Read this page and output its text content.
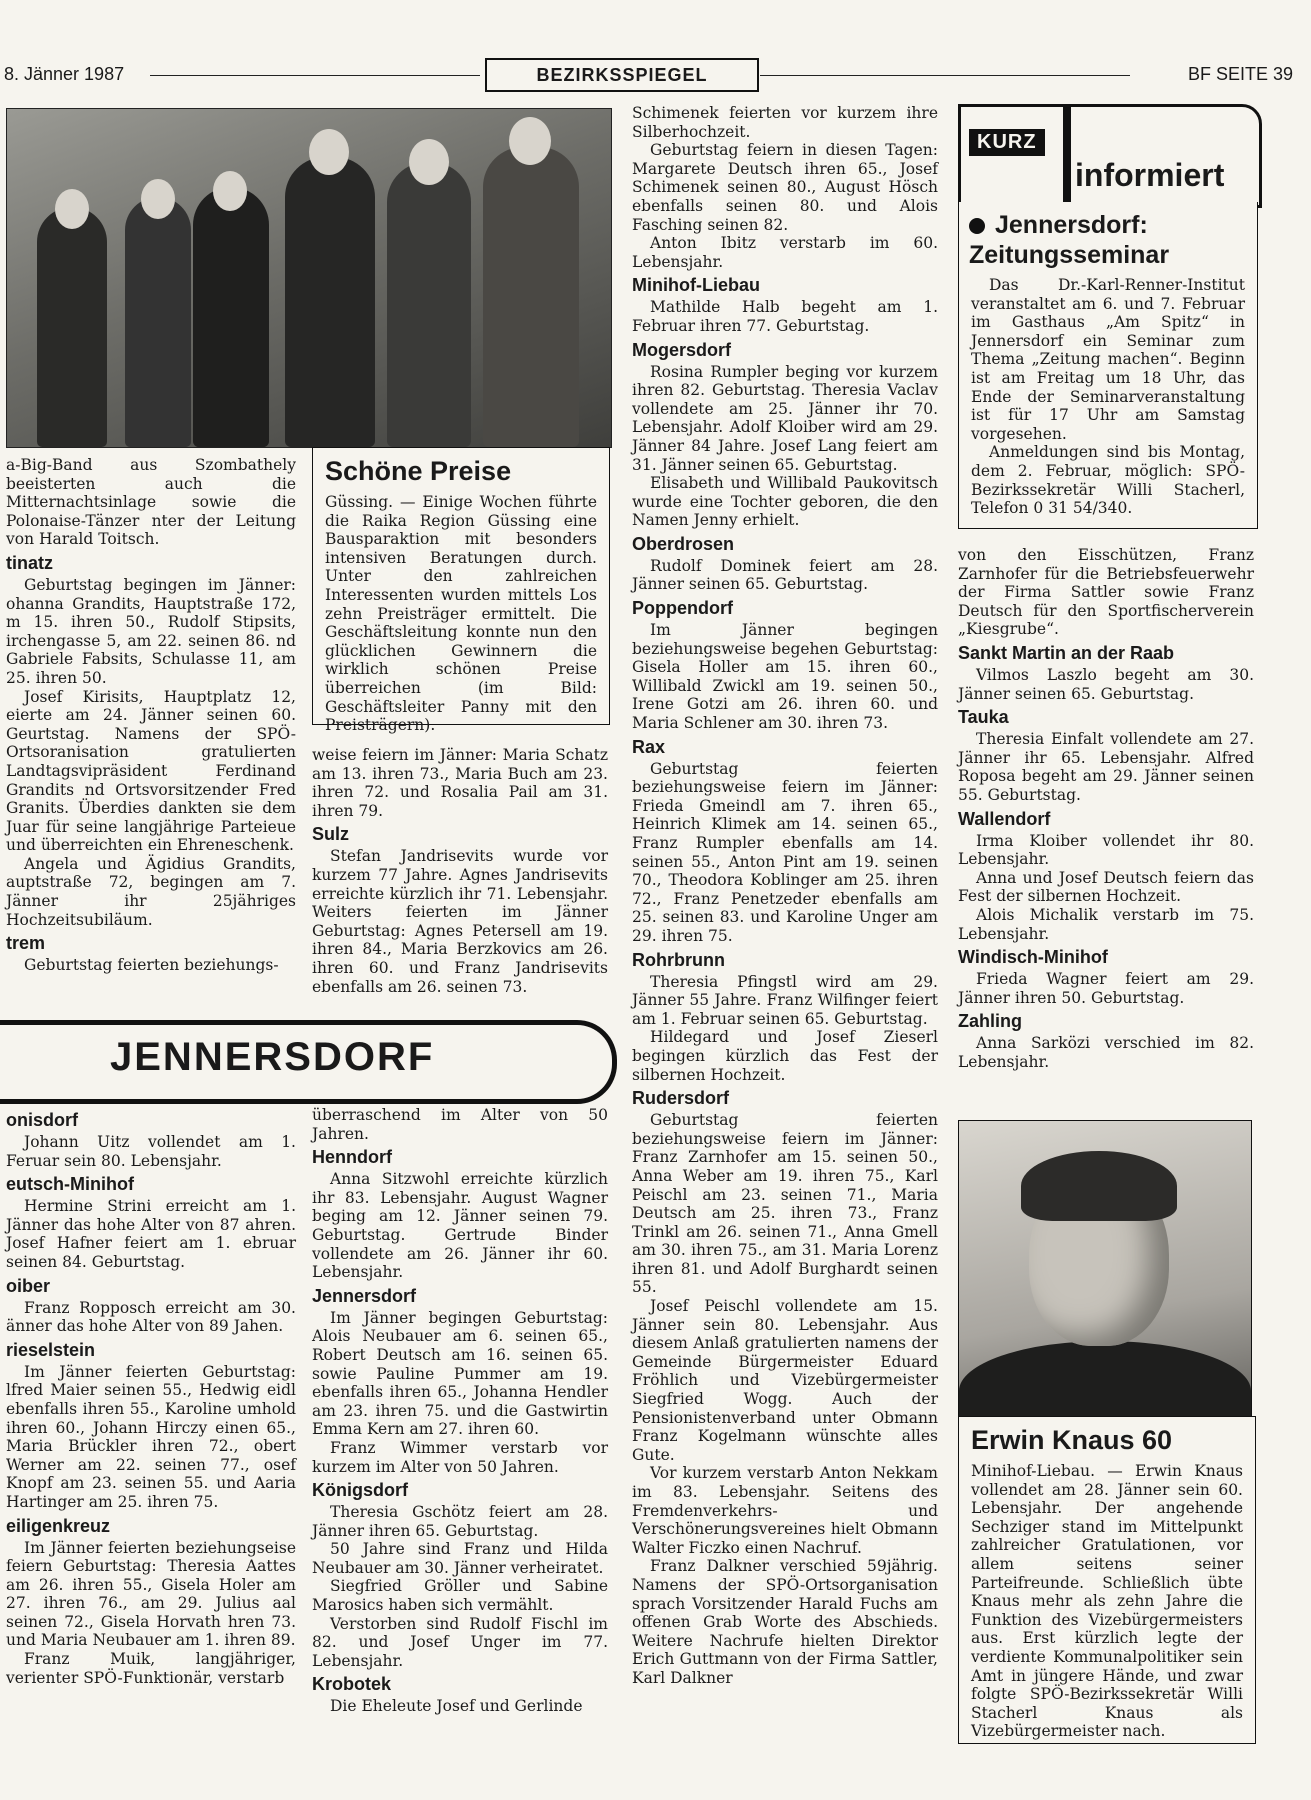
8. Jänner 1987	BEZIRKSSPIEGEL	BF SEITE 39

a-Big-Band aus Szombathely beeisterten auch die Mitternachtsinlage sowie die Polonaise-Tänzer nter der Leitung von Harald Toitsch.

tinatz

Geburtstag begingen im Jänner: ohanna Grandits, Hauptstraße 172, m 15. ihren 50., Rudolf Stipsits, irchengasse 5, am 22. seinen 86. nd Gabriele Fabsits, Schulasse 11, am 25. ihren 50.

Josef Kirisits, Hauptplatz 12, eierte am 24. Jänner seinen 60. Geurtstag. Namens der SPÖ-Ortsoranisation gratulierten Landtagsvipräsident Ferdinand Grandits nd Ortsvorsitzender Fred Granits. Überdies dankten sie dem Juar für seine langjährige Parteieue und überreichten ein Ehreneschenk.

Angela und Ägidius Grandits, auptstraße 72, begingen am 7. Jänner ihr 25jähriges Hochzeitsubiläum.

trem

Geburtstag feierten beziehungs-

Schöne Preise
Güssing. — Einige Wochen führte die Raika Region Güssing eine Bausparaktion mit besonders intensiven Beratungen durch. Unter den zahlreichen Interessenten wurden mittels Los zehn Preisträger ermittelt. Die Geschäftsleitung konnte nun den glücklichen Gewinnern die wirklich schönen Preise überreichen (im Bild: Geschäftsleiter Panny mit den Preisträgern).

weise feiern im Jänner: Maria Schatz am 13. ihren 73., Maria Buch am 23. ihren 72. und Rosalia Pail am 31. ihren 79.

Sulz

Stefan Jandrisevits wurde vor kurzem 77 Jahre. Agnes Jandrisevits erreichte kürzlich ihr 71. Lebensjahr. Weiters feierten im Jänner Geburtstag: Agnes Petersell am 19. ihren 84., Maria Berzkovics am 26. ihren 60. und Franz Jandrisevits ebenfalls am 26. seinen 73.

Schimenek feierten vor kurzem ihre Silberhochzeit.

Geburtstag feiern in diesen Tagen: Margarete Deutsch ihren 65., Josef Schimenek seinen 80., August Hösch ebenfalls seinen 80. und Alois Fasching seinen 82.

Anton Ibitz verstarb im 60. Lebensjahr.

Minihof-Liebau

Mathilde Halb begeht am 1. Februar ihren 77. Geburtstag.

Mogersdorf

Rosina Rumpler beging vor kurzem ihren 82. Geburtstag. Theresia Vaclav vollendete am 25. Jänner ihr 70. Lebensjahr. Adolf Kloiber wird am 29. Jänner 84 Jahre. Josef Lang feiert am 31. Jänner seinen 65. Geburtstag.

Elisabeth und Willibald Paukovitsch wurde eine Tochter geboren, die den Namen Jenny erhielt.

Oberdrosen

Rudolf Dominek feiert am 28. Jänner seinen 65. Geburtstag.

Poppendorf

Im Jänner begingen beziehungsweise begehen Geburtstag: Gisela Holler am 15. ihren 60., Willibald Zwickl am 19. seinen 50., Irene Gotzi am 26. ihren 60. und Maria Schlener am 30. ihren 73.

Rax

Geburtstag feierten beziehungsweise feiern im Jänner: Frieda Gmeindl am 7. ihren 65., Heinrich Klimek am 14. seinen 65., Franz Rumpler ebenfalls am 14. seinen 55., Anton Pint am 19. seinen 70., Theodora Koblinger am 25. ihren 72., Franz Penetzeder ebenfalls am 25. seinen 83. und Karoline Unger am 29. ihren 75.

Rohrbrunn

Theresia Pfingstl wird am 29. Jänner 55 Jahre. Franz Wilfinger feiert am 1. Februar seinen 65. Geburtstag.

Hildegard und Josef Zieserl begingen kürzlich das Fest der silbernen Hochzeit.

Rudersdorf

Geburtstag feierten beziehungsweise feiern im Jänner: Franz Zarnhofer am 15. seinen 50., Anna Weber am 19. ihren 75., Karl Peischl am 23. seinen 71., Maria Deutsch am 25. ihren 73., Franz Trinkl am 26. seinen 71., Anna Gmell am 30. ihren 75., am 31. Maria Lorenz ihren 81. und Adolf Burghardt seinen 55.

Josef Peischl vollendete am 15. Jänner sein 80. Lebensjahr. Aus diesem Anlaß gratulierten namens der Gemeinde Bürgermeister Eduard Fröhlich und Vizebürgermeister Siegfried Wogg. Auch der Pensionistenverband unter Obmann Franz Kogelmann wünschte alles Gute.

Vor kurzem verstarb Anton Nekkam im 83. Lebensjahr. Seitens des Fremdenverkehrs- und Verschönerungsvereines hielt Obmann Walter Ficzko einen Nachruf.

Franz Dalkner verschied 59jährig. Namens der SPÖ-Ortsorganisation sprach Vorsitzender Harald Fuchs am offenen Grab Worte des Abschieds. Weitere Nachrufe hielten Direktor Erich Guttmann von der Firma Sattler, Karl Dalkner

KURZ
informiert
Jennersdorf:
Zeitungsseminar
Das Dr.-Karl-Renner-Institut veranstaltet am 6. und 7. Februar im Gasthaus „Am Spitz“ in Jennersdorf ein Seminar zum Thema „Zeitung machen“. Beginn ist am Freitag um 18 Uhr, das Ende der Seminarveranstaltung ist für 17 Uhr am Samstag vorgesehen.
Anmeldungen sind bis Montag, dem 2. Februar, möglich: SPÖ-Bezirkssekretär Willi Stacherl, Telefon 0 31 54/340.

von den Eisschützen, Franz Zarnhofer für die Betriebsfeuerwehr der Firma Sattler sowie Franz Deutsch für den Sportfischerverein „Kiesgrube“.

Sankt Martin an der Raab

Vilmos Laszlo begeht am 30. Jänner seinen 65. Geburtstag.

Tauka

Theresia Einfalt vollendete am 27. Jänner ihr 65. Lebensjahr. Alfred Roposa begeht am 29. Jänner seinen 55. Geburtstag.

Wallendorf

Irma Kloiber vollendet ihr 80. Lebensjahr.

Anna und Josef Deutsch feiern das Fest der silbernen Hochzeit.

Alois Michalik verstarb im 75. Lebensjahr.

Windisch-Minihof

Frieda Wagner feiert am 29. Jänner ihren 50. Geburtstag.

Zahling

Anna Sarközi verschied im 82. Lebensjahr.

Erwin Knaus 60
Minihof-Liebau. — Erwin Knaus vollendet am 28. Jänner sein 60. Lebensjahr. Der angehende Sechziger stand im Mittelpunkt zahlreicher Gratulationen, vor allem seitens seiner Parteifreunde. Schließlich übte Knaus mehr als zehn Jahre die Funktion des Vizebürgermeisters aus. Erst kürzlich legte der verdiente Kommunalpolitiker sein Amt in jüngere Hände, und zwar folgte SPÖ-Bezirkssekretär Willi Stacherl Knaus als Vizebürgermeister nach.
JENNERSDORF
onisdorf

Johann Uitz vollendet am 1. Feruar sein 80. Lebensjahr.

eutsch-Minihof

Hermine Strini erreicht am 1. Jänner das hohe Alter von 87 ahren. Josef Hafner feiert am 1. ebruar seinen 84. Geburtstag.

oiber

Franz Ropposch erreicht am 30. änner das hohe Alter von 89 Jahen.

rieselstein

Im Jänner feierten Geburtstag: lfred Maier seinen 55., Hedwig eidl ebenfalls ihren 55., Karoline umhold ihren 60., Johann Hirczy einen 65., Maria Brückler ihren 72., obert Werner am 22. seinen 77., osef Knopf am 23. seinen 55. und Aaria Hartinger am 25. ihren 75.

eiligenkreuz

Im Jänner feierten beziehungseise feiern Geburtstag: Theresia Aattes am 26. ihren 55., Gisela Holer am 27. ihren 76., am 29. Julius aal seinen 72., Gisela Horvath hren 73. und Maria Neubauer am 1. ihren 89.

Franz Muik, langjähriger, verienter SPÖ-Funktionär, verstarb

überraschend im Alter von 50 Jahren.

Henndorf

Anna Sitzwohl erreichte kürzlich ihr 83. Lebensjahr. August Wagner beging am 12. Jänner seinen 79. Geburtstag. Gertrude Binder vollendete am 26. Jänner ihr 60. Lebensjahr.

Jennersdorf

Im Jänner begingen Geburtstag: Alois Neubauer am 6. seinen 65., Robert Deutsch am 16. seinen 65. sowie Pauline Pummer am 19. ebenfalls ihren 65., Johanna Hendler am 23. ihren 75. und die Gastwirtin Emma Kern am 27. ihren 60.

Franz Wimmer verstarb vor kurzem im Alter von 50 Jahren.

Königsdorf

Theresia Gschötz feiert am 28. Jänner ihren 65. Geburtstag.

50 Jahre sind Franz und Hilda Neubauer am 30. Jänner verheiratet.

Siegfried Gröller und Sabine Marosics haben sich vermählt.

Verstorben sind Rudolf Fischl im 82. und Josef Unger im 77. Lebensjahr.

Krobotek

Die Eheleute Josef und Gerlinde
